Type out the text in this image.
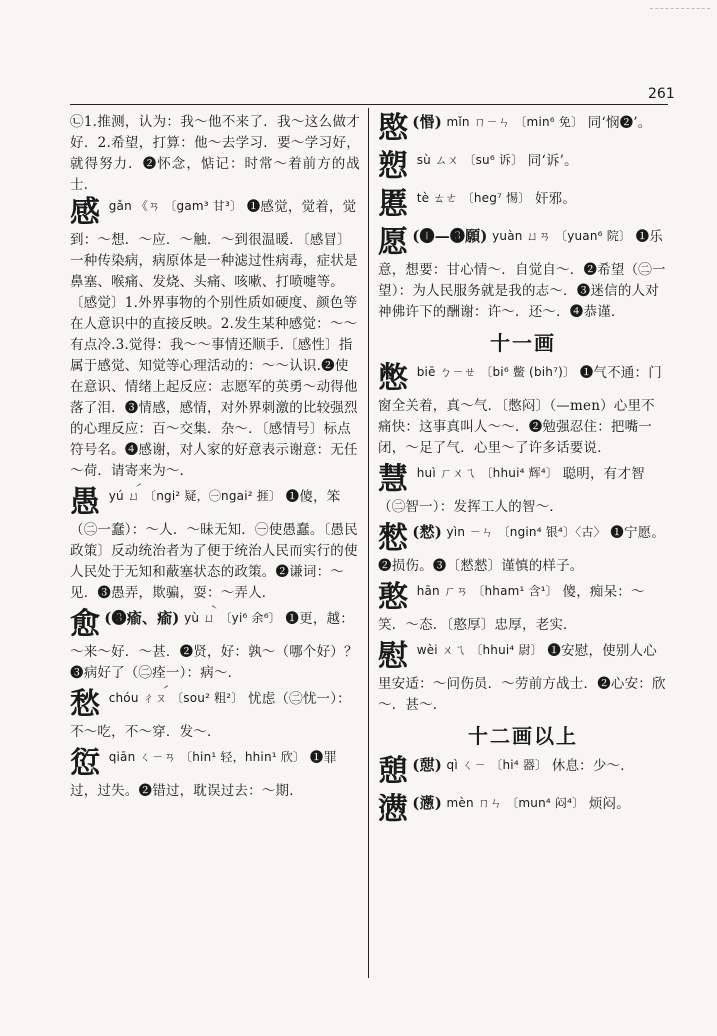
261
㉡1.推测，认为：我～他不来了．我～这么做才好．2.希望，打算：他～去学习．要～学习好，就得努力．❷怀念，惦记：时常～着前方的战士．
感 gǎn 《ㄢ 〔gam³ 甘³〕 ❶感觉，觉着，觉到：～想．～应．～触．～到很温暖．〔感冒〕一种传染病，病原体是一种滤过性病毒，症状是鼻塞、喉痛、发烧、头痛、咳嗽、打喷嚏等。〔感觉〕1.外界事物的个别性质如硬度、颜色等在人意识中的直接反映。2.发生某种感觉：～～有点冷.3.觉得：我～～事情还顺手.〔感性〕指属于感觉、知觉等心理活动的：～～认识.❷使在意识、情绪上起反应：志愿军的英勇～动得他落了泪．❸情感，感情，对外界刺激的比较强烈的心理反应：百～交集．杂～．〔感情号〕标点符号名。❹感谢，对人家的好意表示谢意：无任～荷．请寄来为～．
愚 yú ㄩ́ 〔ngi² 疑，㊀ngai² 捱〕 ❶傻，笨（㊁一蠢）：～人．～昧无知．㊀使愚蠢。〔愚民政策〕反动统治者为了便于统治人民而实行的使人民处于无知和蔽塞状态的政策。❷谦词：～见．❸愚弄，欺骗，耍：～弄人．
愈 (❸瘉、瘉) yù ㄩ̀ 〔yi⁶ 余⁶〕 ❶更，越：～来～好．～甚．❷贤，好：孰～（哪个好）？❸病好了（㊁痊一）：病～．
愁 chóu ㄔㄡ́ 〔sou² 粗²〕 忧虑（㊁忧一）：不～吃，不～穿．发～．
愆 qiān ㄑㄧㄢ 〔hin¹ 轻，hhin¹ 欣〕 ❶罪过，过失。❷错过，耽误过去：～期．
愍 (惽) mǐn ㄇㄧㄣ 〔min⁶ 免〕 同‘悯❷’。
愬 sù ㄙㄨ 〔su⁶ 诉〕 同‘诉’。
慝 tè ㄊㄜ 〔heg⁷ 惕〕 奸邪。
愿 (❶—❸願) yuàn ㄩㄢ 〔yuan⁶ 院〕 ❶乐意，想要：甘心情～．自觉自～．❷希望（㊁一望）：为人民服务就是我的志～．❸迷信的人对神佛许下的酬谢：许～．还～．❹恭谨．
十一画
憋 biē ㄅㄧㄝ 〔bi⁶ 鳖 (bih⁷)〕 ❶气不通：门窗全关着，真～气．〔憋闷〕（—men）心里不痛快：这事真叫人～～．❷勉强忍住：把嘴一闭，～足了气．心里～了许多话要说．
慧 huì ㄏㄨㄟ 〔hhui⁴ 辉⁴〕 聪明，有才智（㊁智一）：发挥工人的智～．
憖 (慭) yìn ㄧㄣ 〔ngin⁴ 银⁴〕〈古〉 ❶宁愿。❷损伤。❸〔憖憖〕谨慎的样子。
憨 hān ㄏㄢ 〔hham¹ 含¹〕 傻，痴呆：～笑．～态．〔憨厚〕忠厚，老实．
慰 wèi ㄨㄟ 〔hhui⁴ 尉〕 ❶安慰，使别人心里安适：～问伤员．～劳前方战士．❷心安：欣～．甚～．
十二画以上
憩 (憇) qì ㄑㄧ 〔hi⁴ 器〕 休息：少～．
懑 (懣) mèn ㄇㄣ 〔mun⁴ 闷⁴〕 烦闷。
